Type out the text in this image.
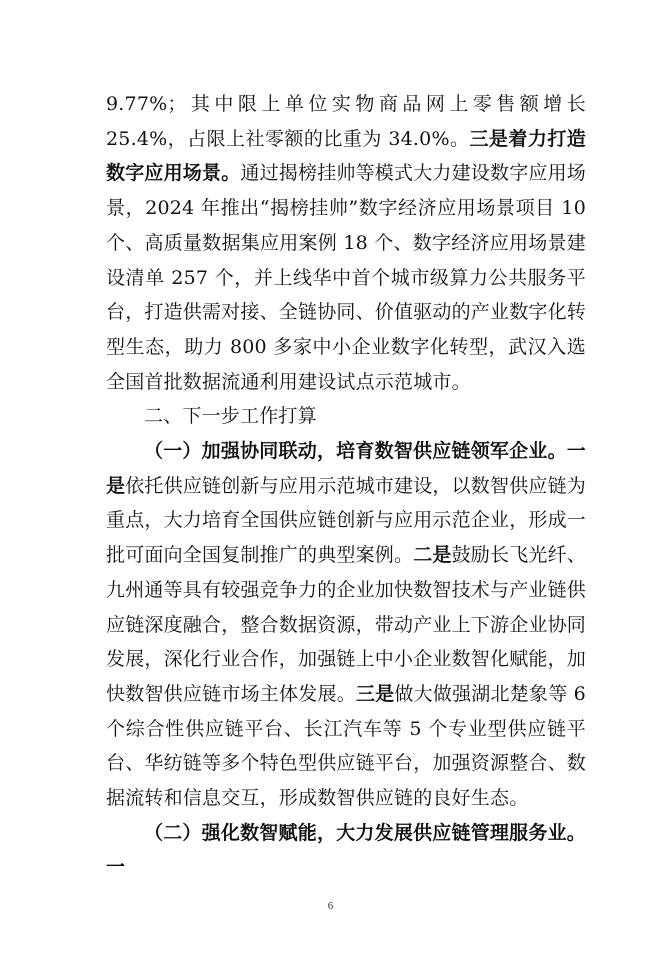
9.77%；其中限上单位实物商品网上零售额增长 25.4%，占限上社零额的比重为 34.0%。三是着力打造数字应用场景。通过揭榜挂帅等模式大力建设数字应用场景，2024 年推出“揭榜挂帅”数字经济应用场景项目 10 个、高质量数据集应用案例 18 个、数字经济应用场景建设清单 257 个，并上线华中首个城市级算力公共服务平台，打造供需对接、全链协同、价值驱动的产业数字化转型生态，助力 800 多家中小企业数字化转型，武汉入选全国首批数据流通利用建设试点示范城市。

二、下一步工作打算

（一）加强协同联动，培育数智供应链领军企业。一是依托供应链创新与应用示范城市建设，以数智供应链为重点，大力培育全国供应链创新与应用示范企业，形成一批可面向全国复制推广的典型案例。二是鼓励长飞光纤、九州通等具有较强竞争力的企业加快数智技术与产业链供应链深度融合，整合数据资源，带动产业上下游企业协同发展，深化行业合作，加强链上中小企业数智化赋能，加快数智供应链市场主体发展。三是做大做强湖北楚象等 6 个综合性供应链平台、长江汽车等 5 个专业型供应链平台、华纺链等多个特色型供应链平台，加强资源整合、数据流转和信息交互，形成数智供应链的良好生态。

（二）强化数智赋能，大力发展供应链管理服务业。一

6
